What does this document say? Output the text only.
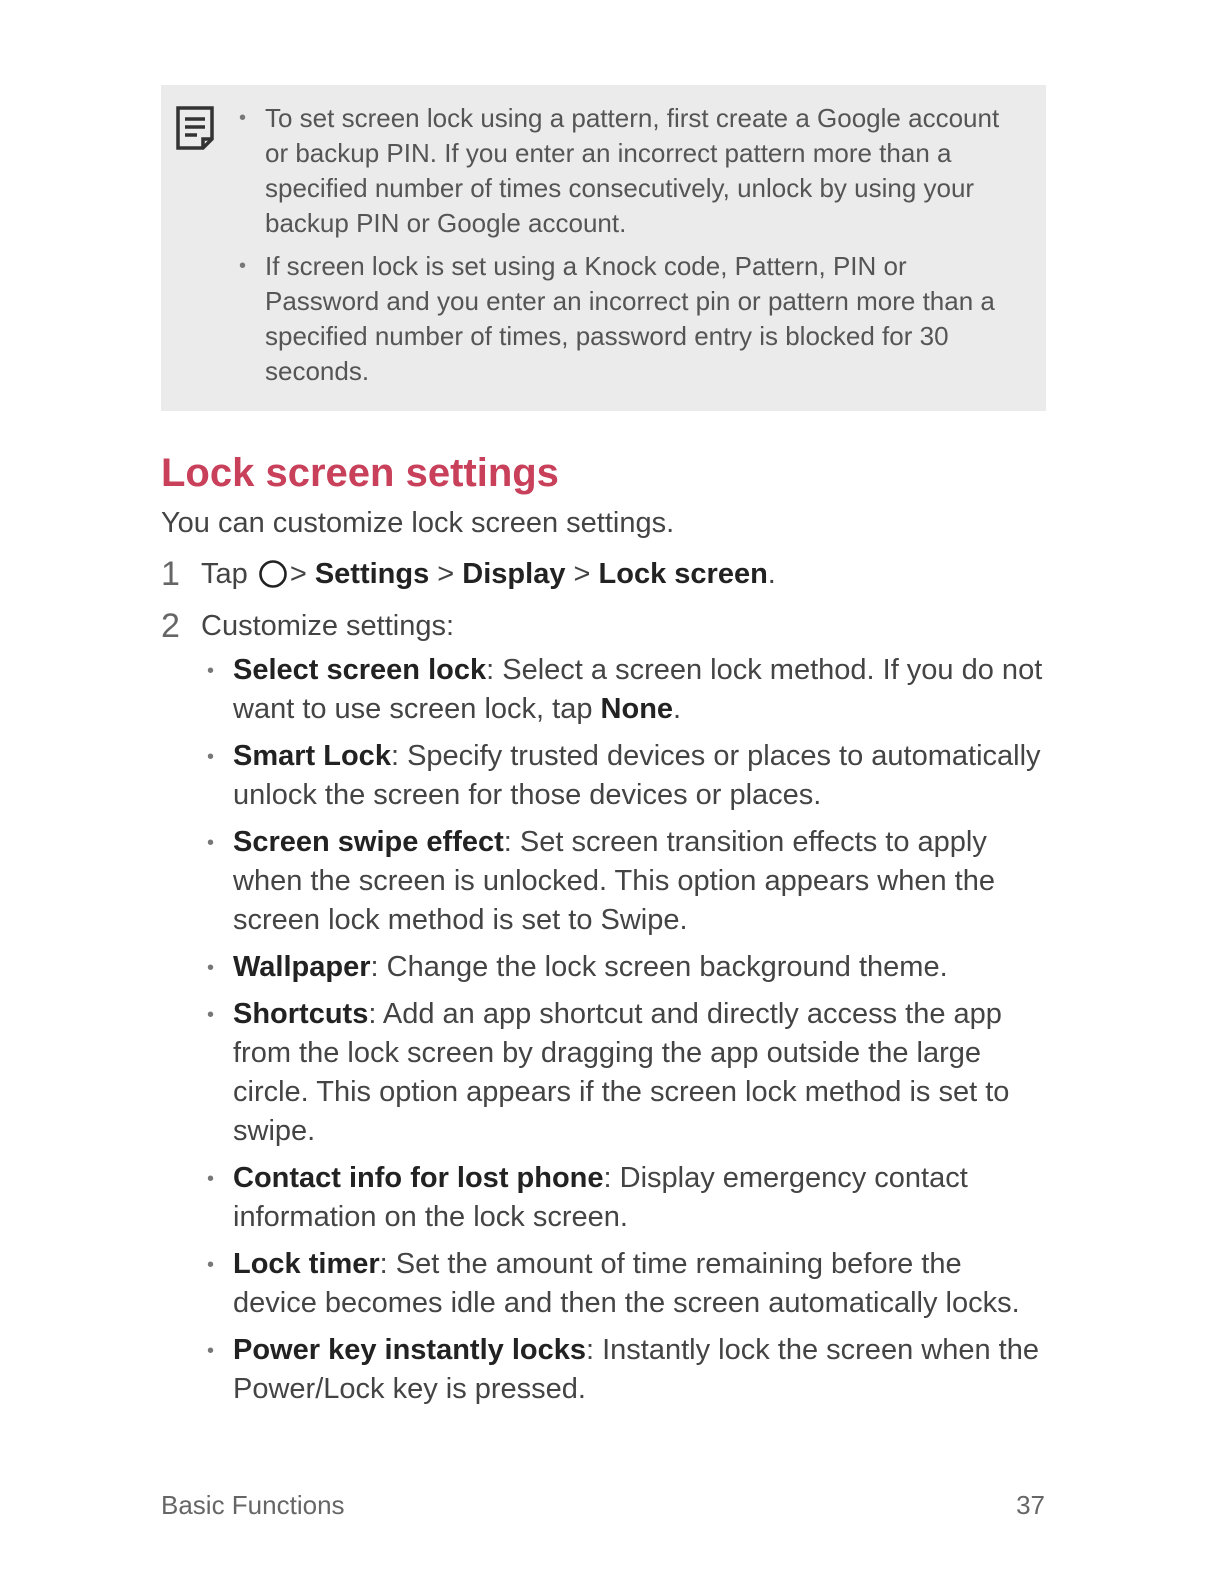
• To set screen lock using a pattern, first create a Google account or backup PIN. If you enter an incorrect pattern more than a specified number of times consecutively, unlock by using your backup PIN or Google account.
• If screen lock is set using a Knock code, Pattern, PIN or Password and you enter an incorrect pin or pattern more than a specified number of times, password entry is blocked for 30 seconds.
Lock screen settings

You can customize lock screen settings.

1 Tap > Settings > Display > Lock screen.
2 Customize settings:
• Select screen lock: Select a screen lock method. If you do not want to use screen lock, tap None.
• Smart Lock: Specify trusted devices or places to automatically unlock the screen for those devices or places.
• Screen swipe effect: Set screen transition effects to apply when the screen is unlocked. This option appears when the screen lock method is set to Swipe.
• Wallpaper: Change the lock screen background theme.
• Shortcuts: Add an app shortcut and directly access the app from the lock screen by dragging the app outside the large circle. This option appears if the screen lock method is set to swipe.
• Contact info for lost phone: Display emergency contact information on the lock screen.
• Lock timer: Set the amount of time remaining before the device becomes idle and then the screen automatically locks.
• Power key instantly locks: Instantly lock the screen when the Power/Lock key is pressed.
Basic Functions	37
